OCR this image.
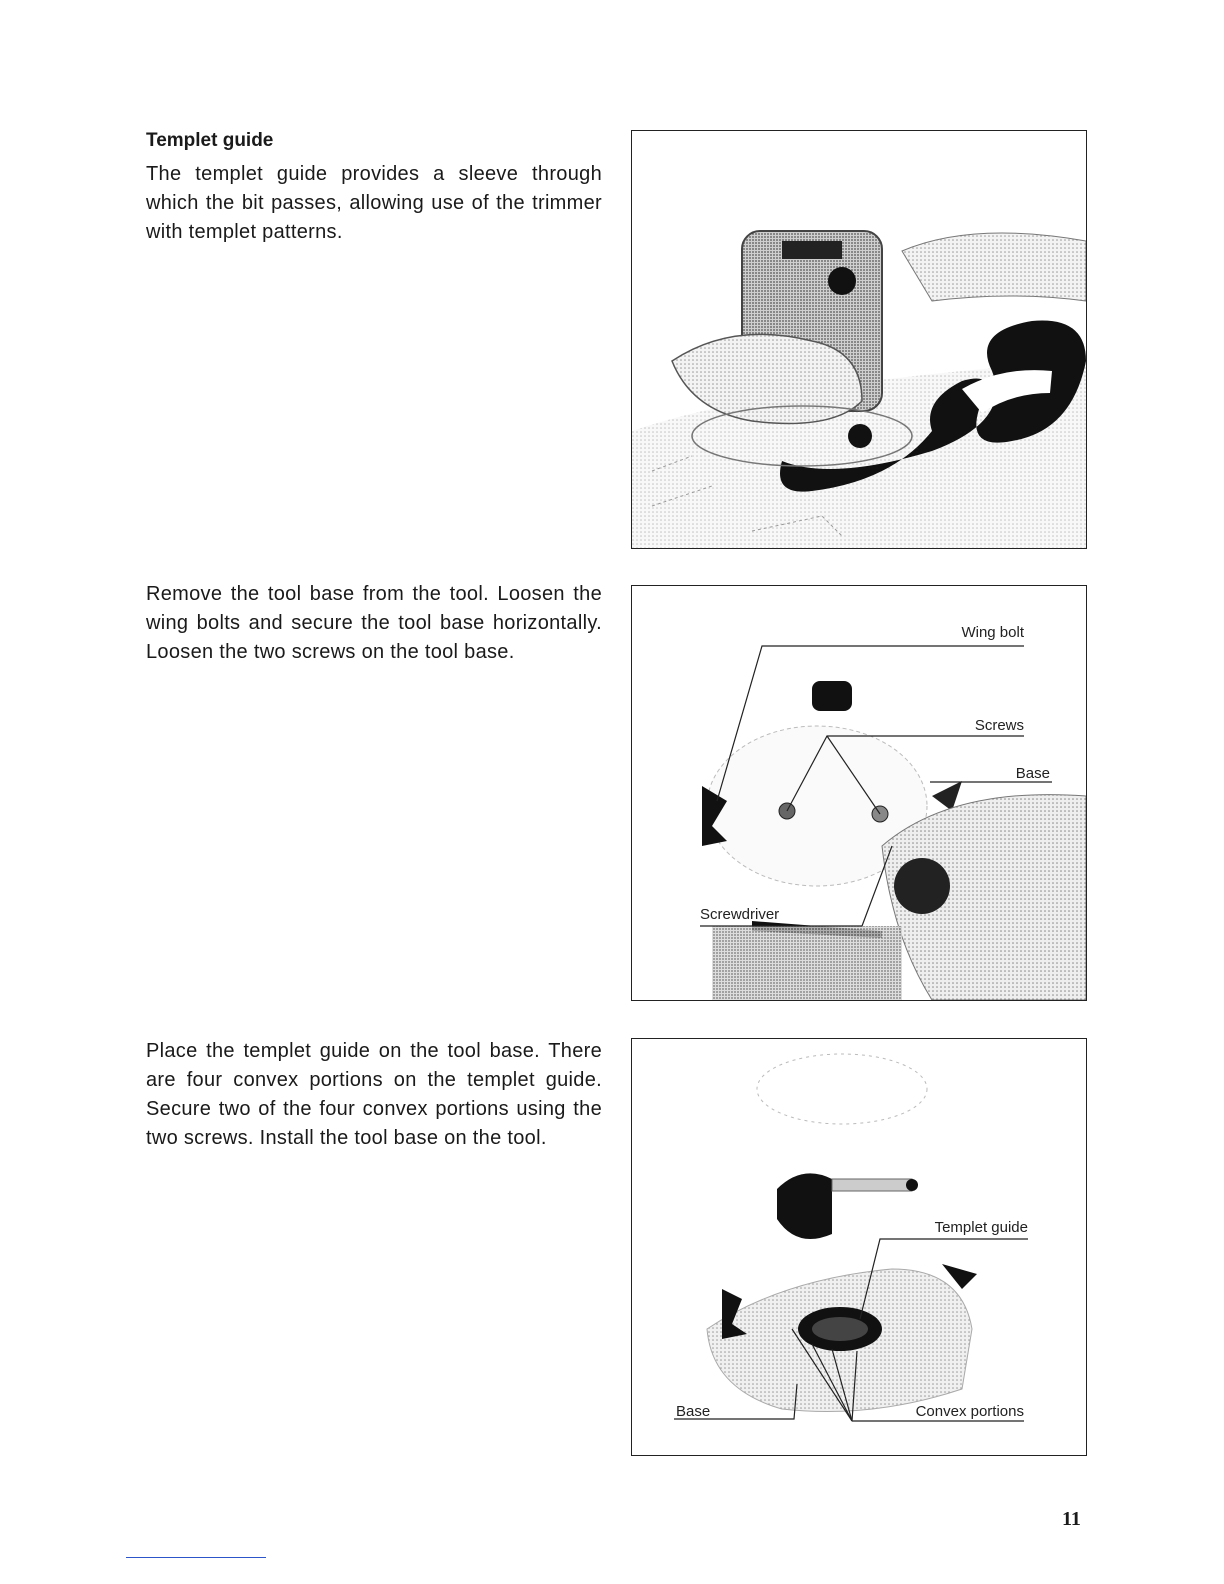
Templet guide

The templet guide provides a sleeve through which the bit passes, allowing use of the trimmer with templet patterns.

Remove the tool base from the tool. Loosen the wing bolts and secure the tool base horizontally. Loosen the two screws on the tool base.

Wing bolt
Screws
Base
Screwdriver

Place the templet guide on the tool base. There are four convex portions on the templet guide. Secure two of the four convex portions using the two screws. Install the tool base on the tool.

Templet guide
Base	Convex portions

11
